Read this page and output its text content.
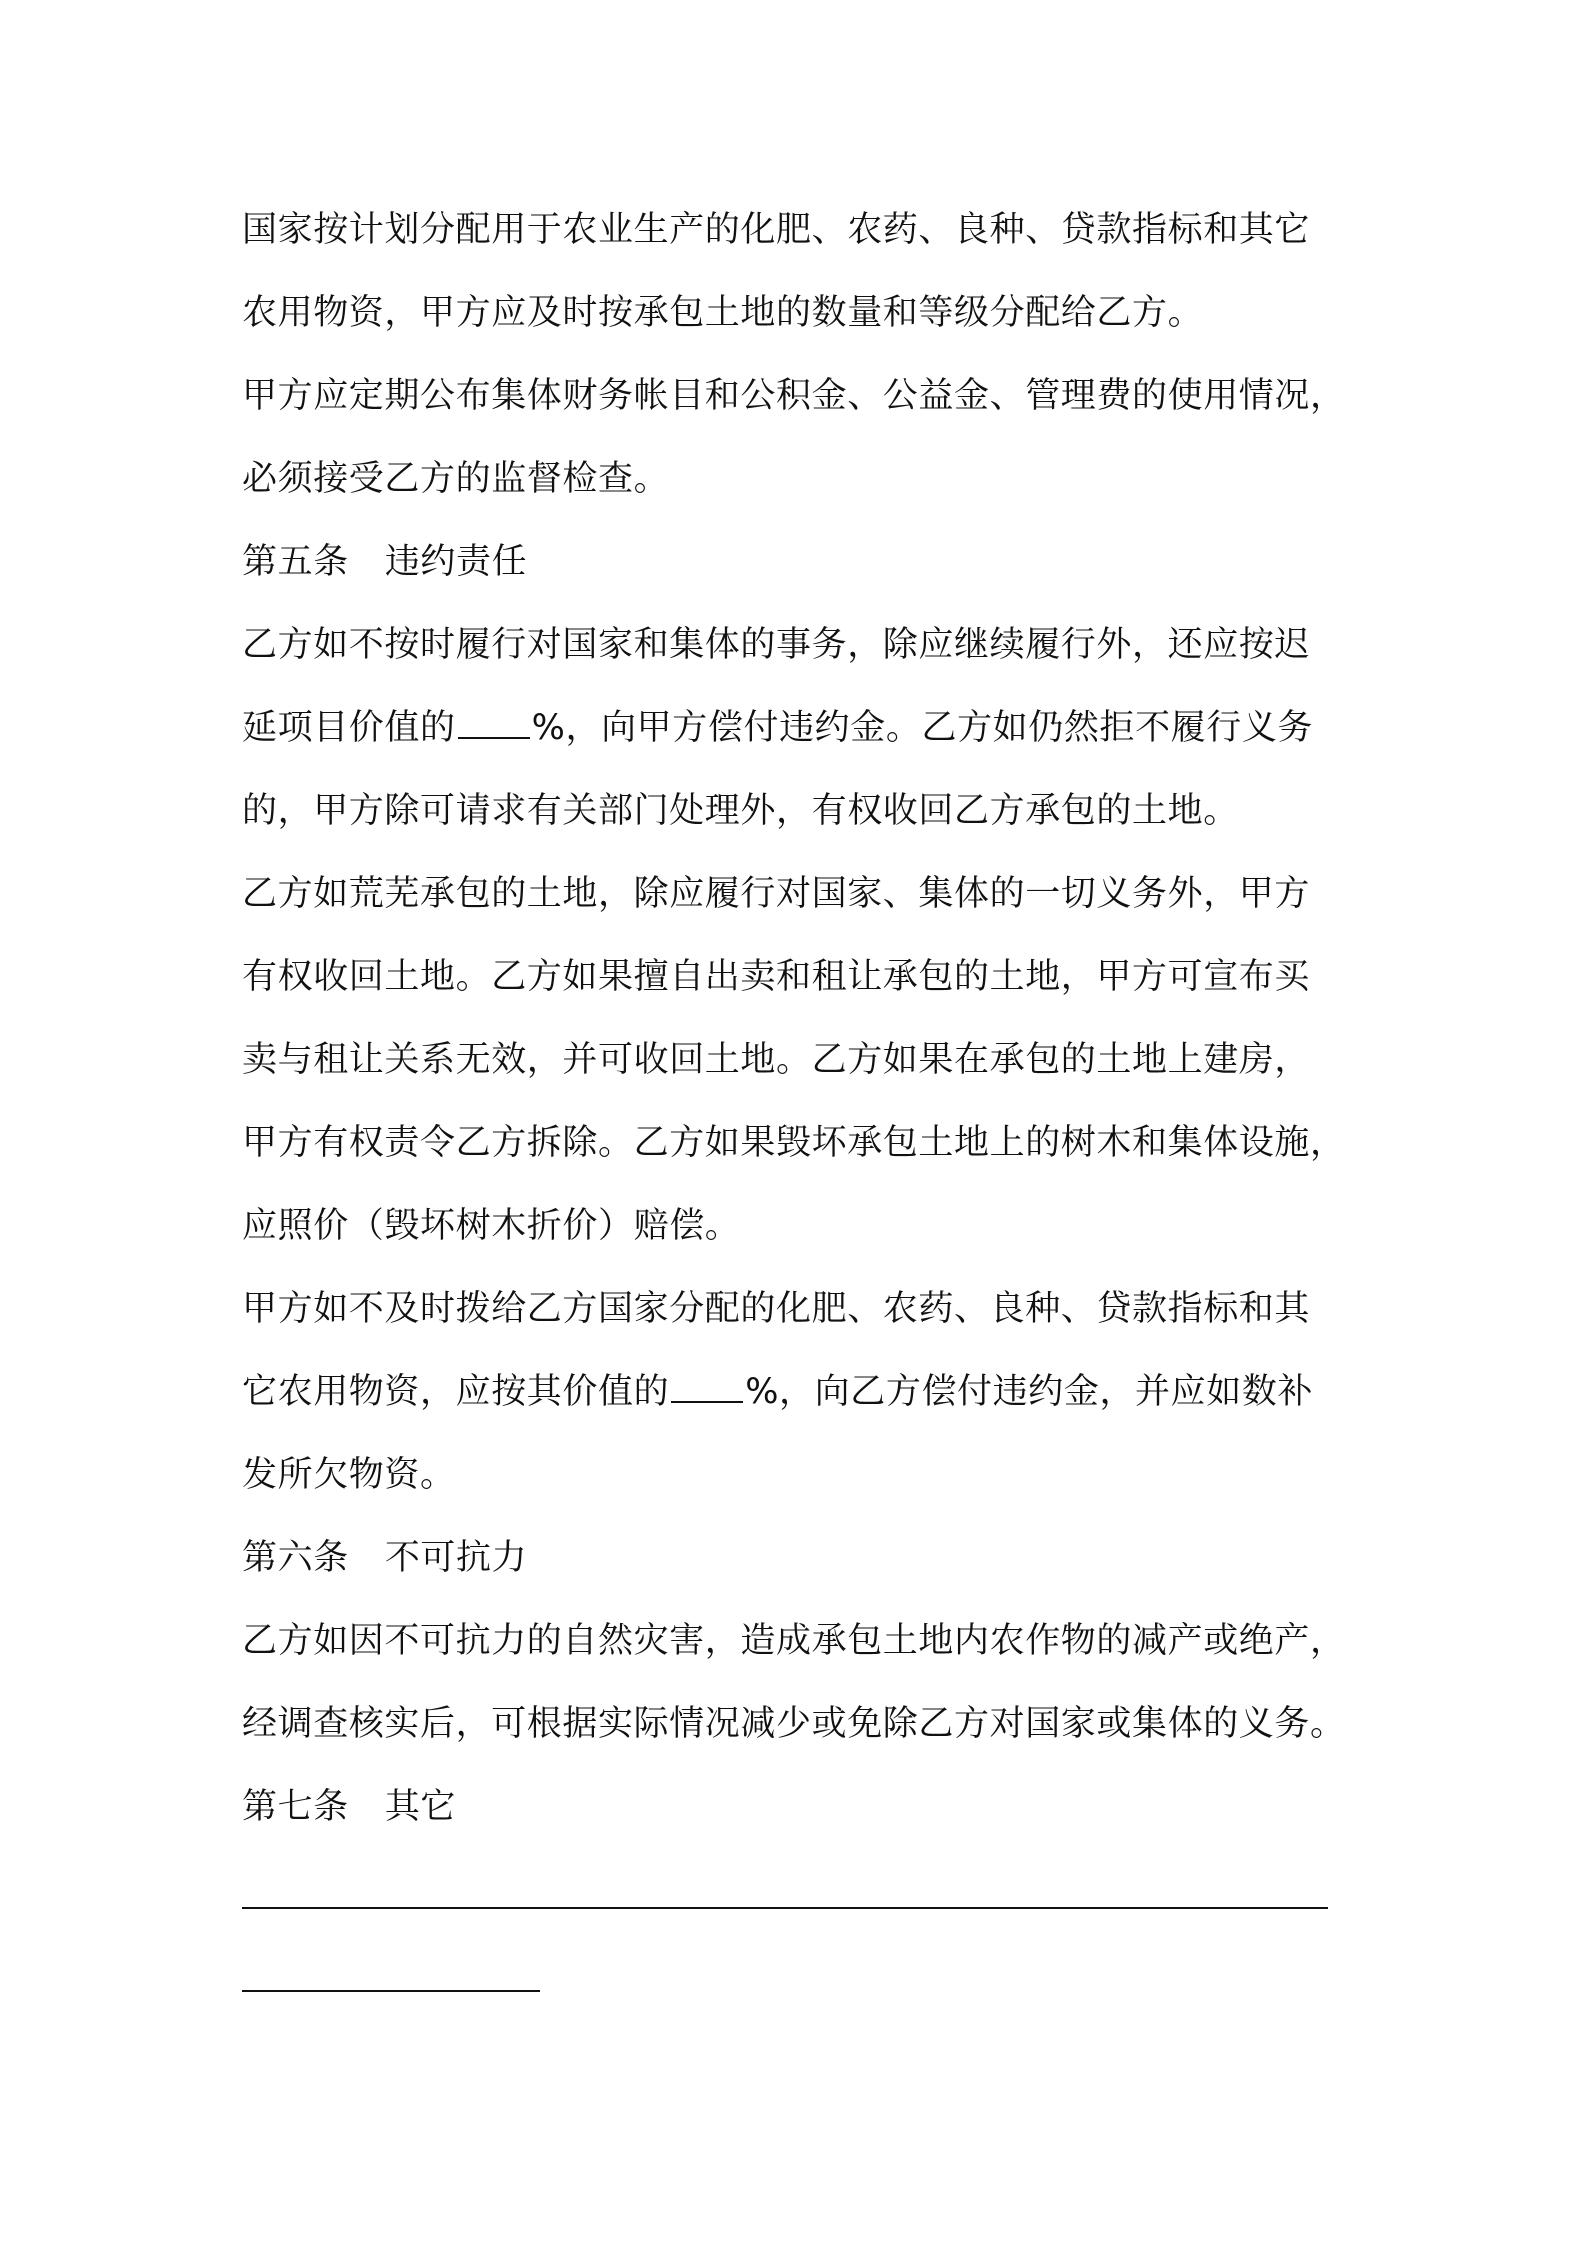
国家按计划分配用于农业生产的化肥、农药、良种、贷款指标和其它
农用物资，甲方应及时按承包土地的数量和等级分配给乙方。
甲方应定期公布集体财务帐目和公积金、公益金、管理费的使用情况，
必须接受乙方的监督检查。
第五条 违约责任
乙方如不按时履行对国家和集体的事务，除应继续履行外，还应按迟
延项目价值的 %，向甲方偿付违约金。乙方如仍然拒不履行义务
的，甲方除可请求有关部门处理外，有权收回乙方承包的土地。
乙方如荒芜承包的土地，除应履行对国家、集体的一切义务外，甲方
有权收回土地。乙方如果擅自出卖和租让承包的土地，甲方可宣布买
卖与租让关系无效，并可收回土地。乙方如果在承包的土地上建房，
甲方有权责令乙方拆除。乙方如果毁坏承包土地上的树木和集体设施，
应照价（毁坏树木折价）赔偿。
甲方如不及时拨给乙方国家分配的化肥、农药、良种、贷款指标和其
它农用物资，应按其价值的 %，向乙方偿付违约金，并应如数补
发所欠物资。
第六条 不可抗力
乙方如因不可抗力的自然灾害，造成承包土地内农作物的减产或绝产，
经调查核实后，可根据实际情况减少或免除乙方对国家或集体的义务。
第七条 其它
